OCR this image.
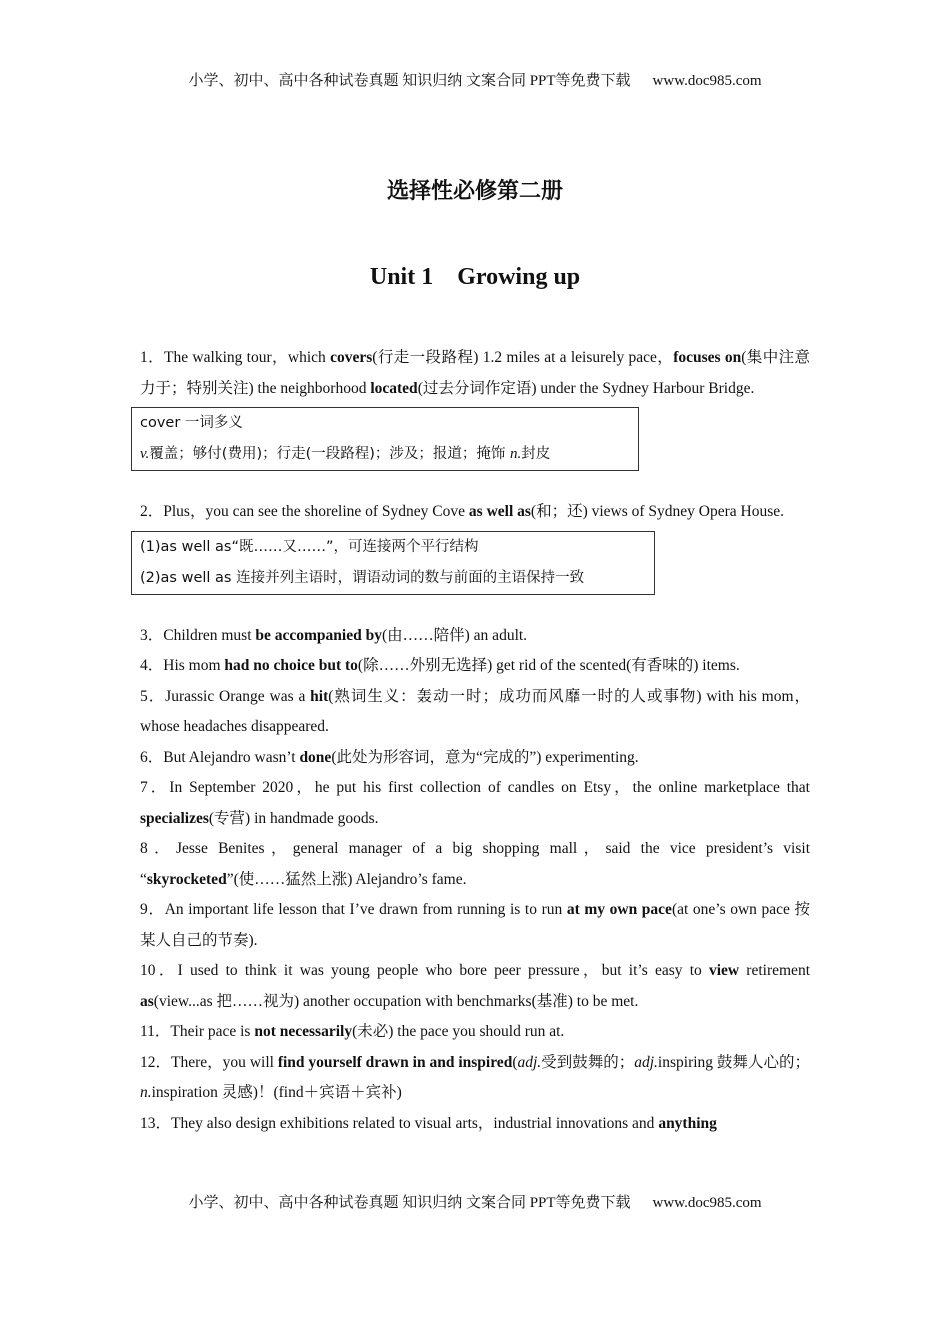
小学、初中、高中各种试卷真题 知识归纳 文案合同 PPT等免费下载 www.doc985.com
选择性必修第二册
Unit 1 Growing up

1．The walking tour，which covers(行走一段路程) 1.2 miles at a leisurely pace，focuses on(集中注意力于；特别关注) the neighborhood located(过去分词作定语) under the Sydney Harbour Bridge.

cover 一词多义
v.覆盖；够付(费用)；行走(一段路程)；涉及；报道；掩饰 n.封皮

2．Plus，you can see the shoreline of Sydney Cove as well as(和；还) views of Sydney Opera House.

(1)as well as“既……又……”，可连接两个平行结构
(2)as well as 连接并列主语时，谓语动词的数与前面的主语保持一致

3．Children must be accompanied by(由……陪伴) an adult.

4．His mom had no choice but to(除……外别无选择) get rid of the scented(有香味的) items.

5．Jurassic Orange was a hit(熟词生义：轰动一时；成功而风靡一时的人或事物) with his mom，whose headaches disappeared.

6．But Alejandro wasn’t done(此处为形容词，意为“完成的”) experimenting.

7．In September 2020，he put his first collection of candles on Etsy，the online marketplace that specializes(专营) in handmade goods.

8．Jesse Benites，general manager of a big shopping mall，said the vice president’s visit “skyrocketed”(使……猛然上涨) Alejandro’s fame.

9．An important life lesson that I’ve drawn from running is to run at my own pace(at one’s own pace 按某人自己的节奏).

10．I used to think it was young people who bore peer pressure，but it’s easy to view retirement as(view...as 把……视为) another occupation with benchmarks(基准) to be met.

11．Their pace is not necessarily(未必) the pace you should run at.

12．There，you will find yourself drawn in and inspired(adj.受到鼓舞的；adj.inspiring 鼓舞人心的；n.inspiration 灵感)！(find＋宾语＋宾补)

13．They also design exhibitions related to visual arts，industrial innovations and anything

小学、初中、高中各种试卷真题 知识归纳 文案合同 PPT等免费下载 www.doc985.com
